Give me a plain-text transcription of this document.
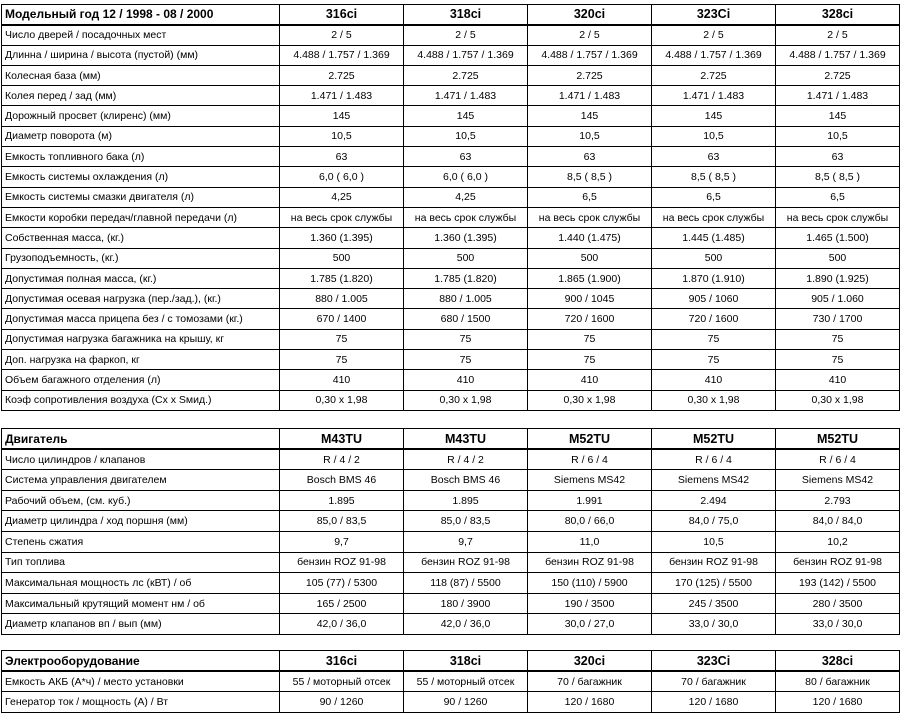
Модельный год 12 / 1998 - 08 / 2000	316ci	318ci	320ci	323Ci	328ci
Число дверей / посадочных мест	2 / 5	2 / 5	2 / 5	2 / 5	2 / 5
Длинна / ширина / высота (пустой) (мм)	4.488 / 1.757 / 1.369	4.488 / 1.757 / 1.369	4.488 / 1.757 / 1.369	4.488 / 1.757 / 1.369	4.488 / 1.757 / 1.369
Колесная база (мм)	2.725	2.725	2.725	2.725	2.725
Колея перед / зад (мм)	1.471 / 1.483	1.471 / 1.483	1.471 / 1.483	1.471 / 1.483	1.471 / 1.483
Дорожный просвет (клиренс) (мм)	145	145	145	145	145
Диаметр поворота (м)	10,5	10,5	10,5	10,5	10,5
Емкость топливного бака (л)	63	63	63	63	63
Емкость системы охлаждения (л)	6,0 ( 6,0 )	6,0 ( 6,0 )	8,5 ( 8,5 )	8,5 ( 8,5 )	8,5 ( 8,5 )
Емкость системы смазки двигателя (л)	4,25	4,25	6,5	6,5	6,5
Емкости коробки передач/главной передачи (л)	на весь срок службы	на весь срок службы	на весь срок службы	на весь срок службы	на весь срок службы
Собственная масса, (кг.)	1.360 (1.395)	1.360 (1.395)	1.440 (1.475)	1.445 (1.485)	1.465 (1.500)
Грузоподъемность, (кг.)	500	500	500	500	500
Допустимая полная масса, (кг.)	1.785 (1.820)	1.785 (1.820)	1.865 (1.900)	1.870 (1.910)	1.890 (1.925)
Допустимая осевая нагрузка (пер./зад.), (кг.)	880 / 1.005	880 / 1.005	900 / 1045	905 / 1060	905 / 1.060
Допустимая масса прицепа без / с томозами (кг.)	670 / 1400	680 / 1500	720 / 1600	720 / 1600	730 / 1700
Допустимая нагрузка багажника на крышу, кг	75	75	75	75	75
Доп. нагрузка на фаркоп, кг	75	75	75	75	75
Объем багажного отделения (л)	410	410	410	410	410
Коэф сопротивления воздуха (Сх х Sмид.)	0,30 х 1,98	0,30 х 1,98	0,30 х 1,98	0,30 х 1,98	0,30 х 1,98
Двигатель	M43TU	M43TU	M52TU	M52TU	M52TU
Число цилиндров / клапанов	R / 4 / 2	R / 4 / 2	R / 6 / 4	R / 6 / 4	R / 6 / 4
Система управления двигателем	Bosch BMS 46	Bosch BMS 46	Siemens MS42	Siemens MS42	Siemens MS42
Рабочий объем, (см. куб.)	1.895	1.895	1.991	2.494	2.793
Диаметр цилиндра / ход поршня (мм)	85,0 / 83,5	85,0 / 83,5	80,0 / 66,0	84,0 / 75,0	84,0 / 84,0
Степень сжатия	9,7	9,7	11,0	10,5	10,2
Тип топлива	бензин ROZ 91-98	бензин ROZ 91-98	бензин ROZ 91-98	бензин ROZ 91-98	бензин ROZ 91-98
Максимальная мощность лс (кВТ) / об	105 (77) / 5300	118 (87) / 5500	150 (110) / 5900	170 (125) / 5500	193 (142) / 5500
Максимальный крутящий момент нм / об	165 / 2500	180 / 3900	190 / 3500	245 / 3500	280 / 3500
Диаметр клапанов вп / вып (мм)	42,0 / 36,0	42,0 / 36,0	30,0 / 27,0	33,0 / 30,0	33,0 / 30,0
Электрооборудование	316ci	318ci	320ci	323Ci	328ci
Емкость АКБ (А*ч) / место установки	55 / моторный отсек	55 / моторный отсек	70 / багажник	70 / багажник	80 / багажник
Генератор ток / мощность (А) / Вт	90 / 1260	90 / 1260	120 / 1680	120 / 1680	120 / 1680
